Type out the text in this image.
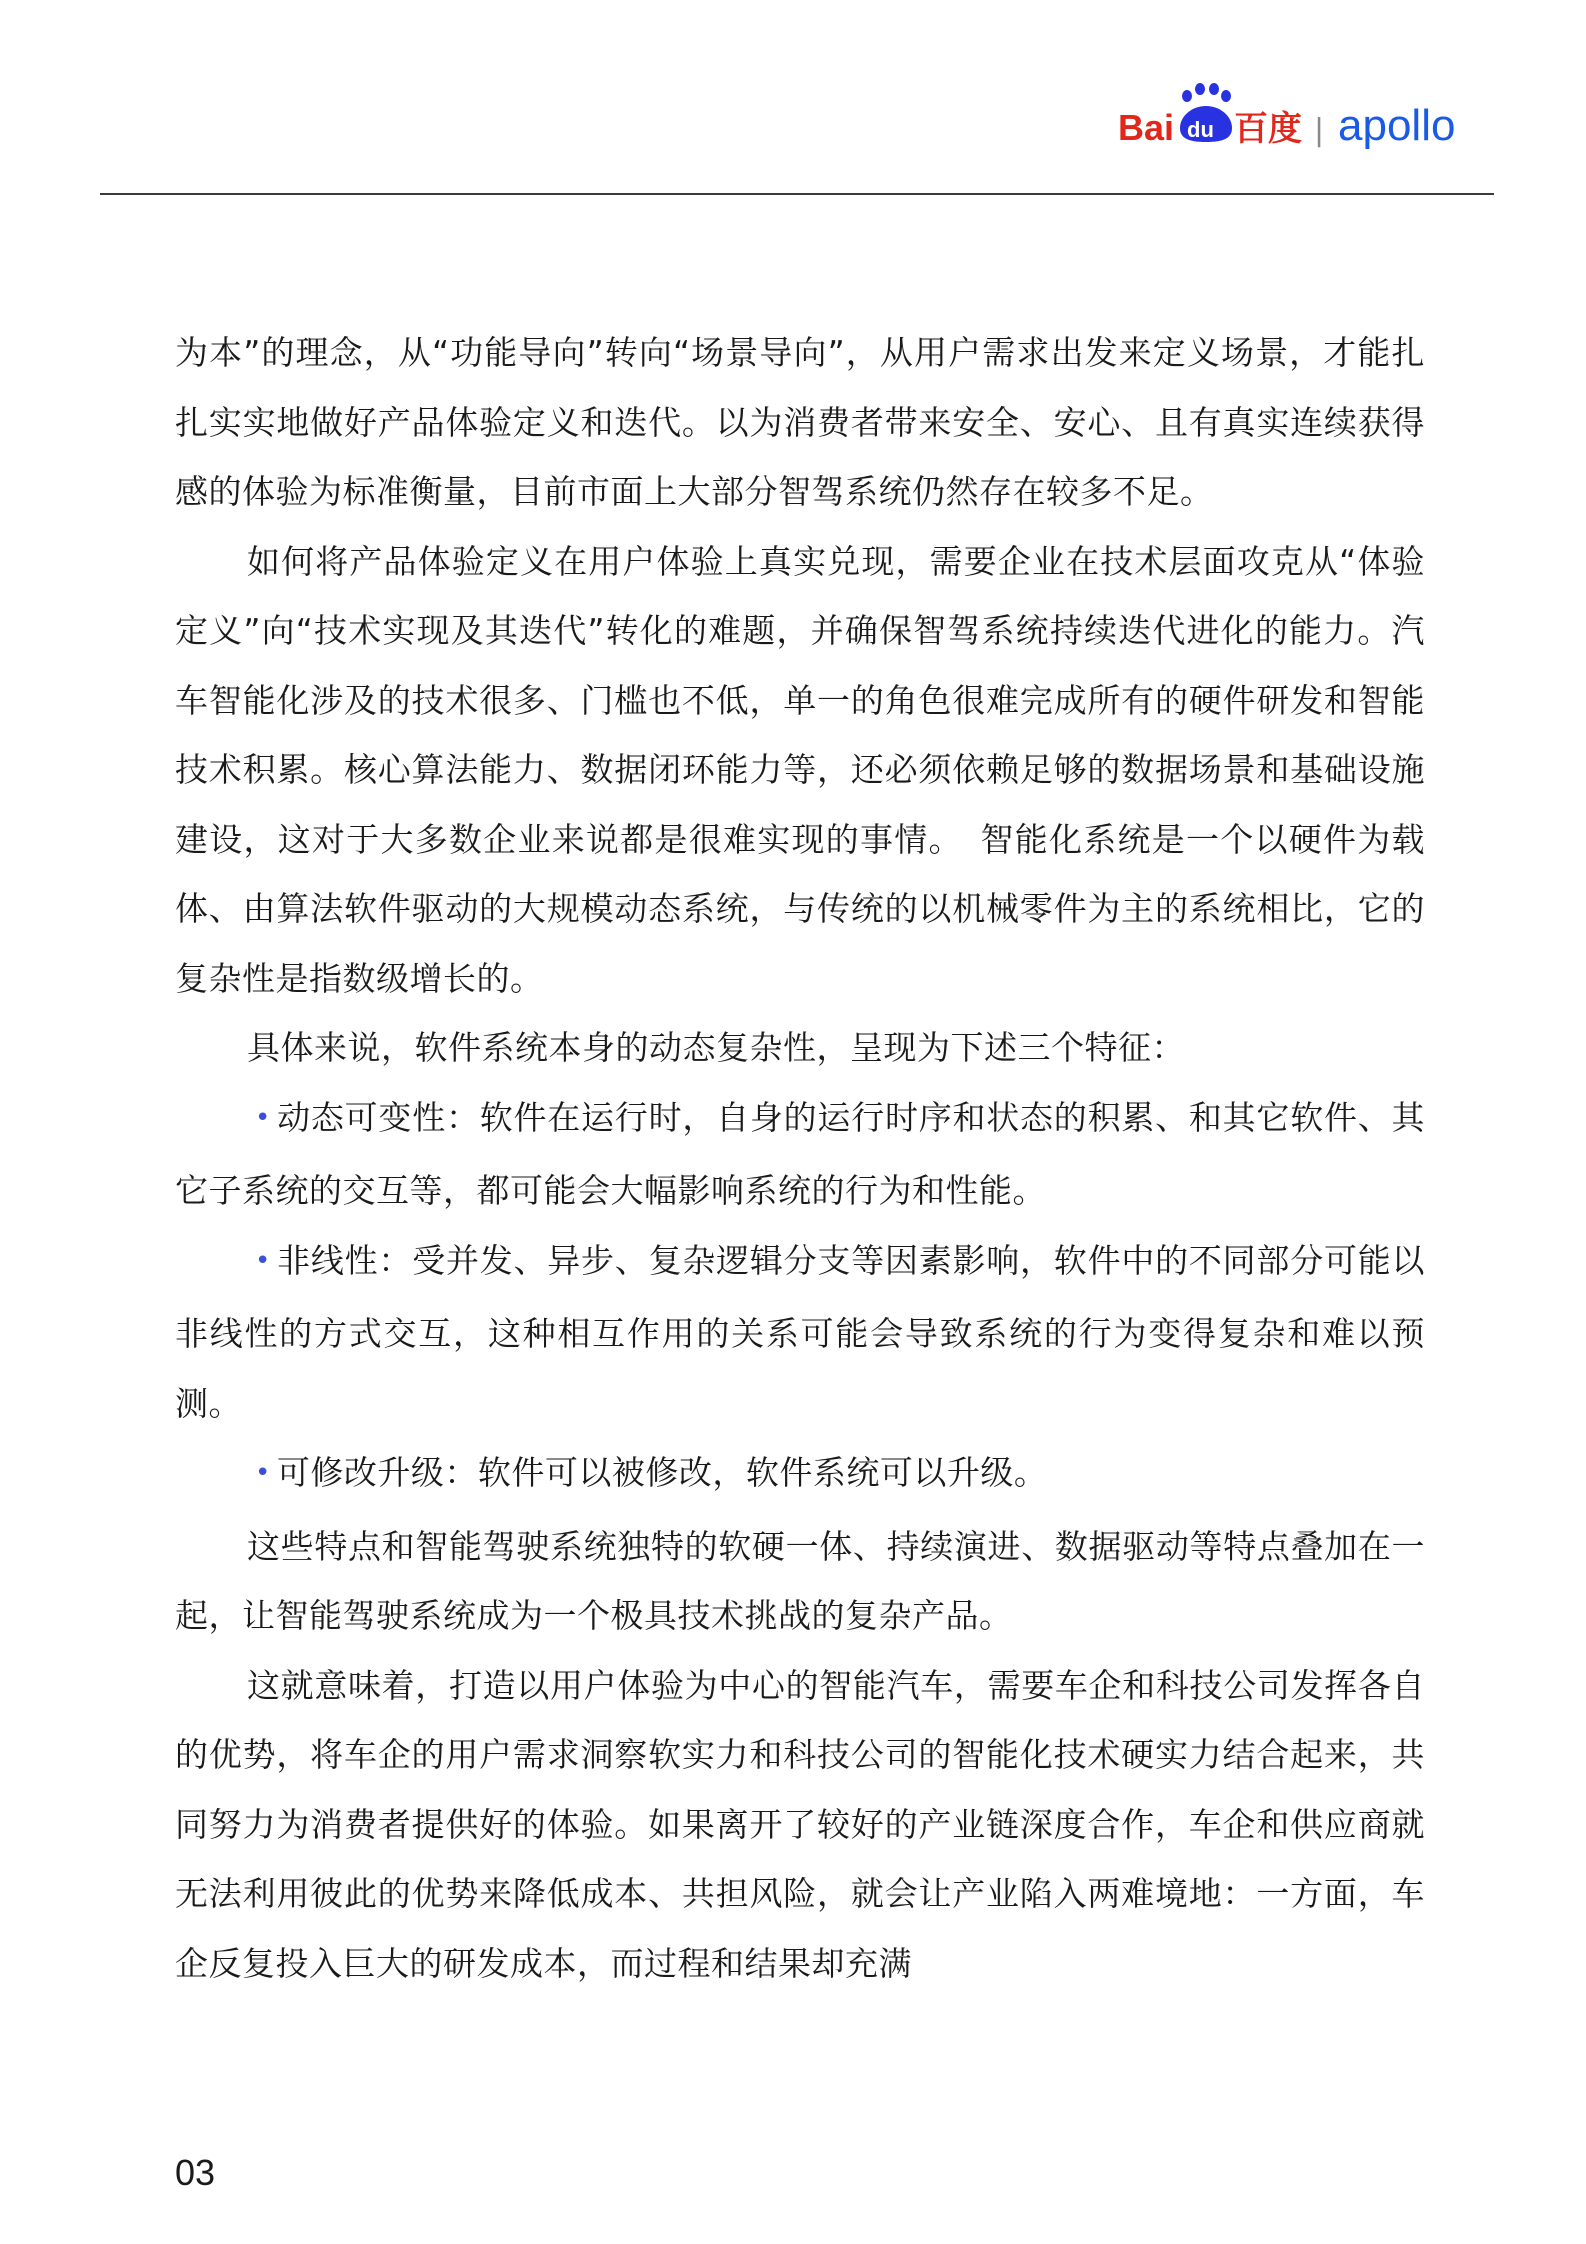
Bai du 百度 | apollo

为本”的理念，从“功能导向”转向“场景导向”，从用户需求出发来定义场景，才能扎扎实实地做好产品体验定义和迭代。以为消费者带来安全、安心、且有真实连续获得感的体验为标准衡量，目前市面上大部分智驾系统仍然存在较多不足。

如何将产品体验定义在用户体验上真实兑现，需要企业在技术层面攻克从“体验定义”向“技术实现及其迭代”转化的难题，并确保智驾系统持续迭代进化的能力。汽车智能化涉及的技术很多、门槛也不低，单一的角色很难完成所有的硬件研发和智能技术积累。核心算法能力、数据闭环能力等，还必须依赖足够的数据场景和基础设施建设，这对于大多数企业来说都是很难实现的事情。　智能化系统是一个以硬件为载体、由算法软件驱动的大规模动态系统，与传统的以机械零件为主的系统相比，它的复杂性是指数级增长的。

具体来说，软件系统本身的动态复杂性，呈现为下述三个特征：

• 动态可变性：软件在运行时，自身的运行时序和状态的积累、和其它软件、其它子系统的交互等，都可能会大幅影响系统的行为和性能。

• 非线性：受并发、异步、复杂逻辑分支等因素影响，软件中的不同部分可能以非线性的方式交互，这种相互作用的关系可能会导致系统的行为变得复杂和难以预测。

• 可修改升级：软件可以被修改，软件系统可以升级。

这些特点和智能驾驶系统独特的软硬一体、持续演进、数据驱动等特点叠加在一起，让智能驾驶系统成为一个极具技术挑战的复杂产品。

这就意味着，打造以用户体验为中心的智能汽车，需要车企和科技公司发挥各自的优势，将车企的用户需求洞察软实力和科技公司的智能化技术硬实力结合起来，共同努力为消费者提供好的体验。如果离开了较好的产业链深度合作，车企和供应商就无法利用彼此的优势来降低成本、共担风险，就会让产业陷入两难境地：一方面，车企反复投入巨大的研发成本，而过程和结果却充满

03
